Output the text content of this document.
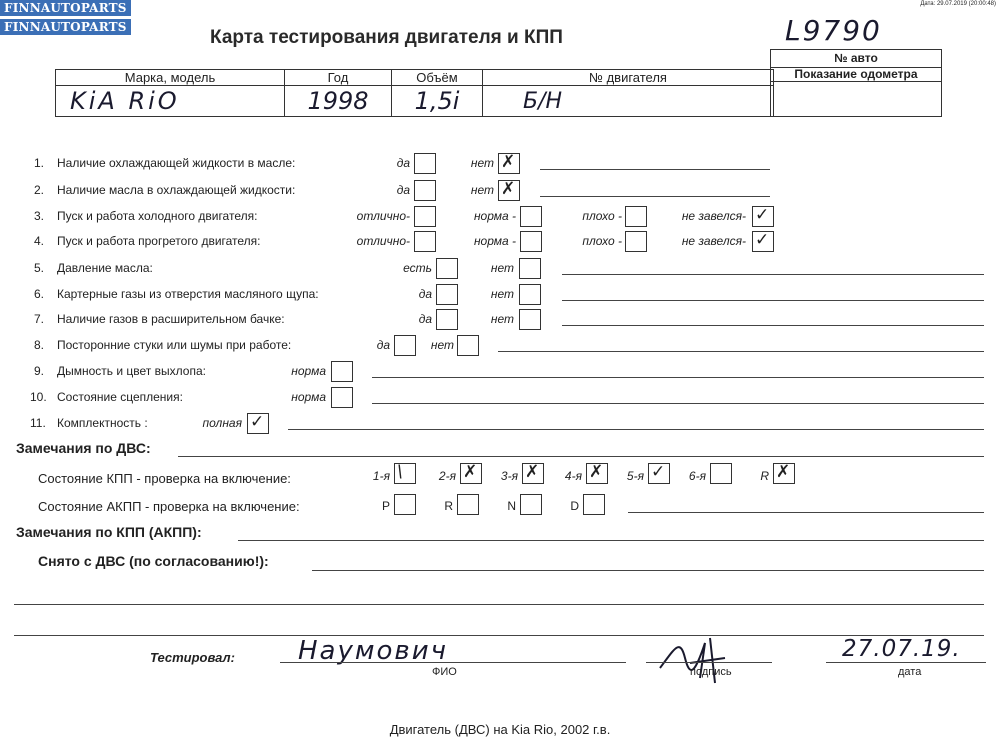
FINNAUTOPARTS
FINNAUTOPARTS
Дата: 29.07.2019 (20:00:48)
Карта тестирования двигателя и КПП	L9790
№ авто
Показание одометра
Марка, модель	Год	Объём	№ двигателя
KiA RiO	1998	1,5i	Б/Н
1. Наличие охлаждающей жидкости в масле:	да	нет ✗
2. Наличие масла в охлаждающей жидкости:	да	нет ✗
3. Пуск и работа холодного двигателя:	отлично-	норма -	плохо -	не завелся- ✓
4. Пуск и работа прогретого двигателя:	отлично-	норма -	плохо -	не завелся- ✓
5. Давление масла:	есть	нет
6. Картерные газы из отверстия масляного щупа:	да	нет
7. Наличие газов в расширительном бачке:	да	нет
8. Посторонние стуки или шумы при работе:	да	нет
9. Дымность и цвет выхлопа:	норма
10. Состояние сцепления:	норма
11. Комплектность :	полная ✓
Замечания по ДВС:
Состояние КПП - проверка на включение:	1-я \	2-я ✗	3-я ✗	4-я ✗	5-я ✓	6-я	R ✗
Состояние АКПП - проверка на включение:	P	R	N	D
Замечания по КПП (АКПП):
Снято с ДВС (по согласованию!):
Тестировал:	Наумович
ФИО	подпись
27.07.19.
дата
Двигатель (ДВС) на Kia Rio, 2002 г.в.
